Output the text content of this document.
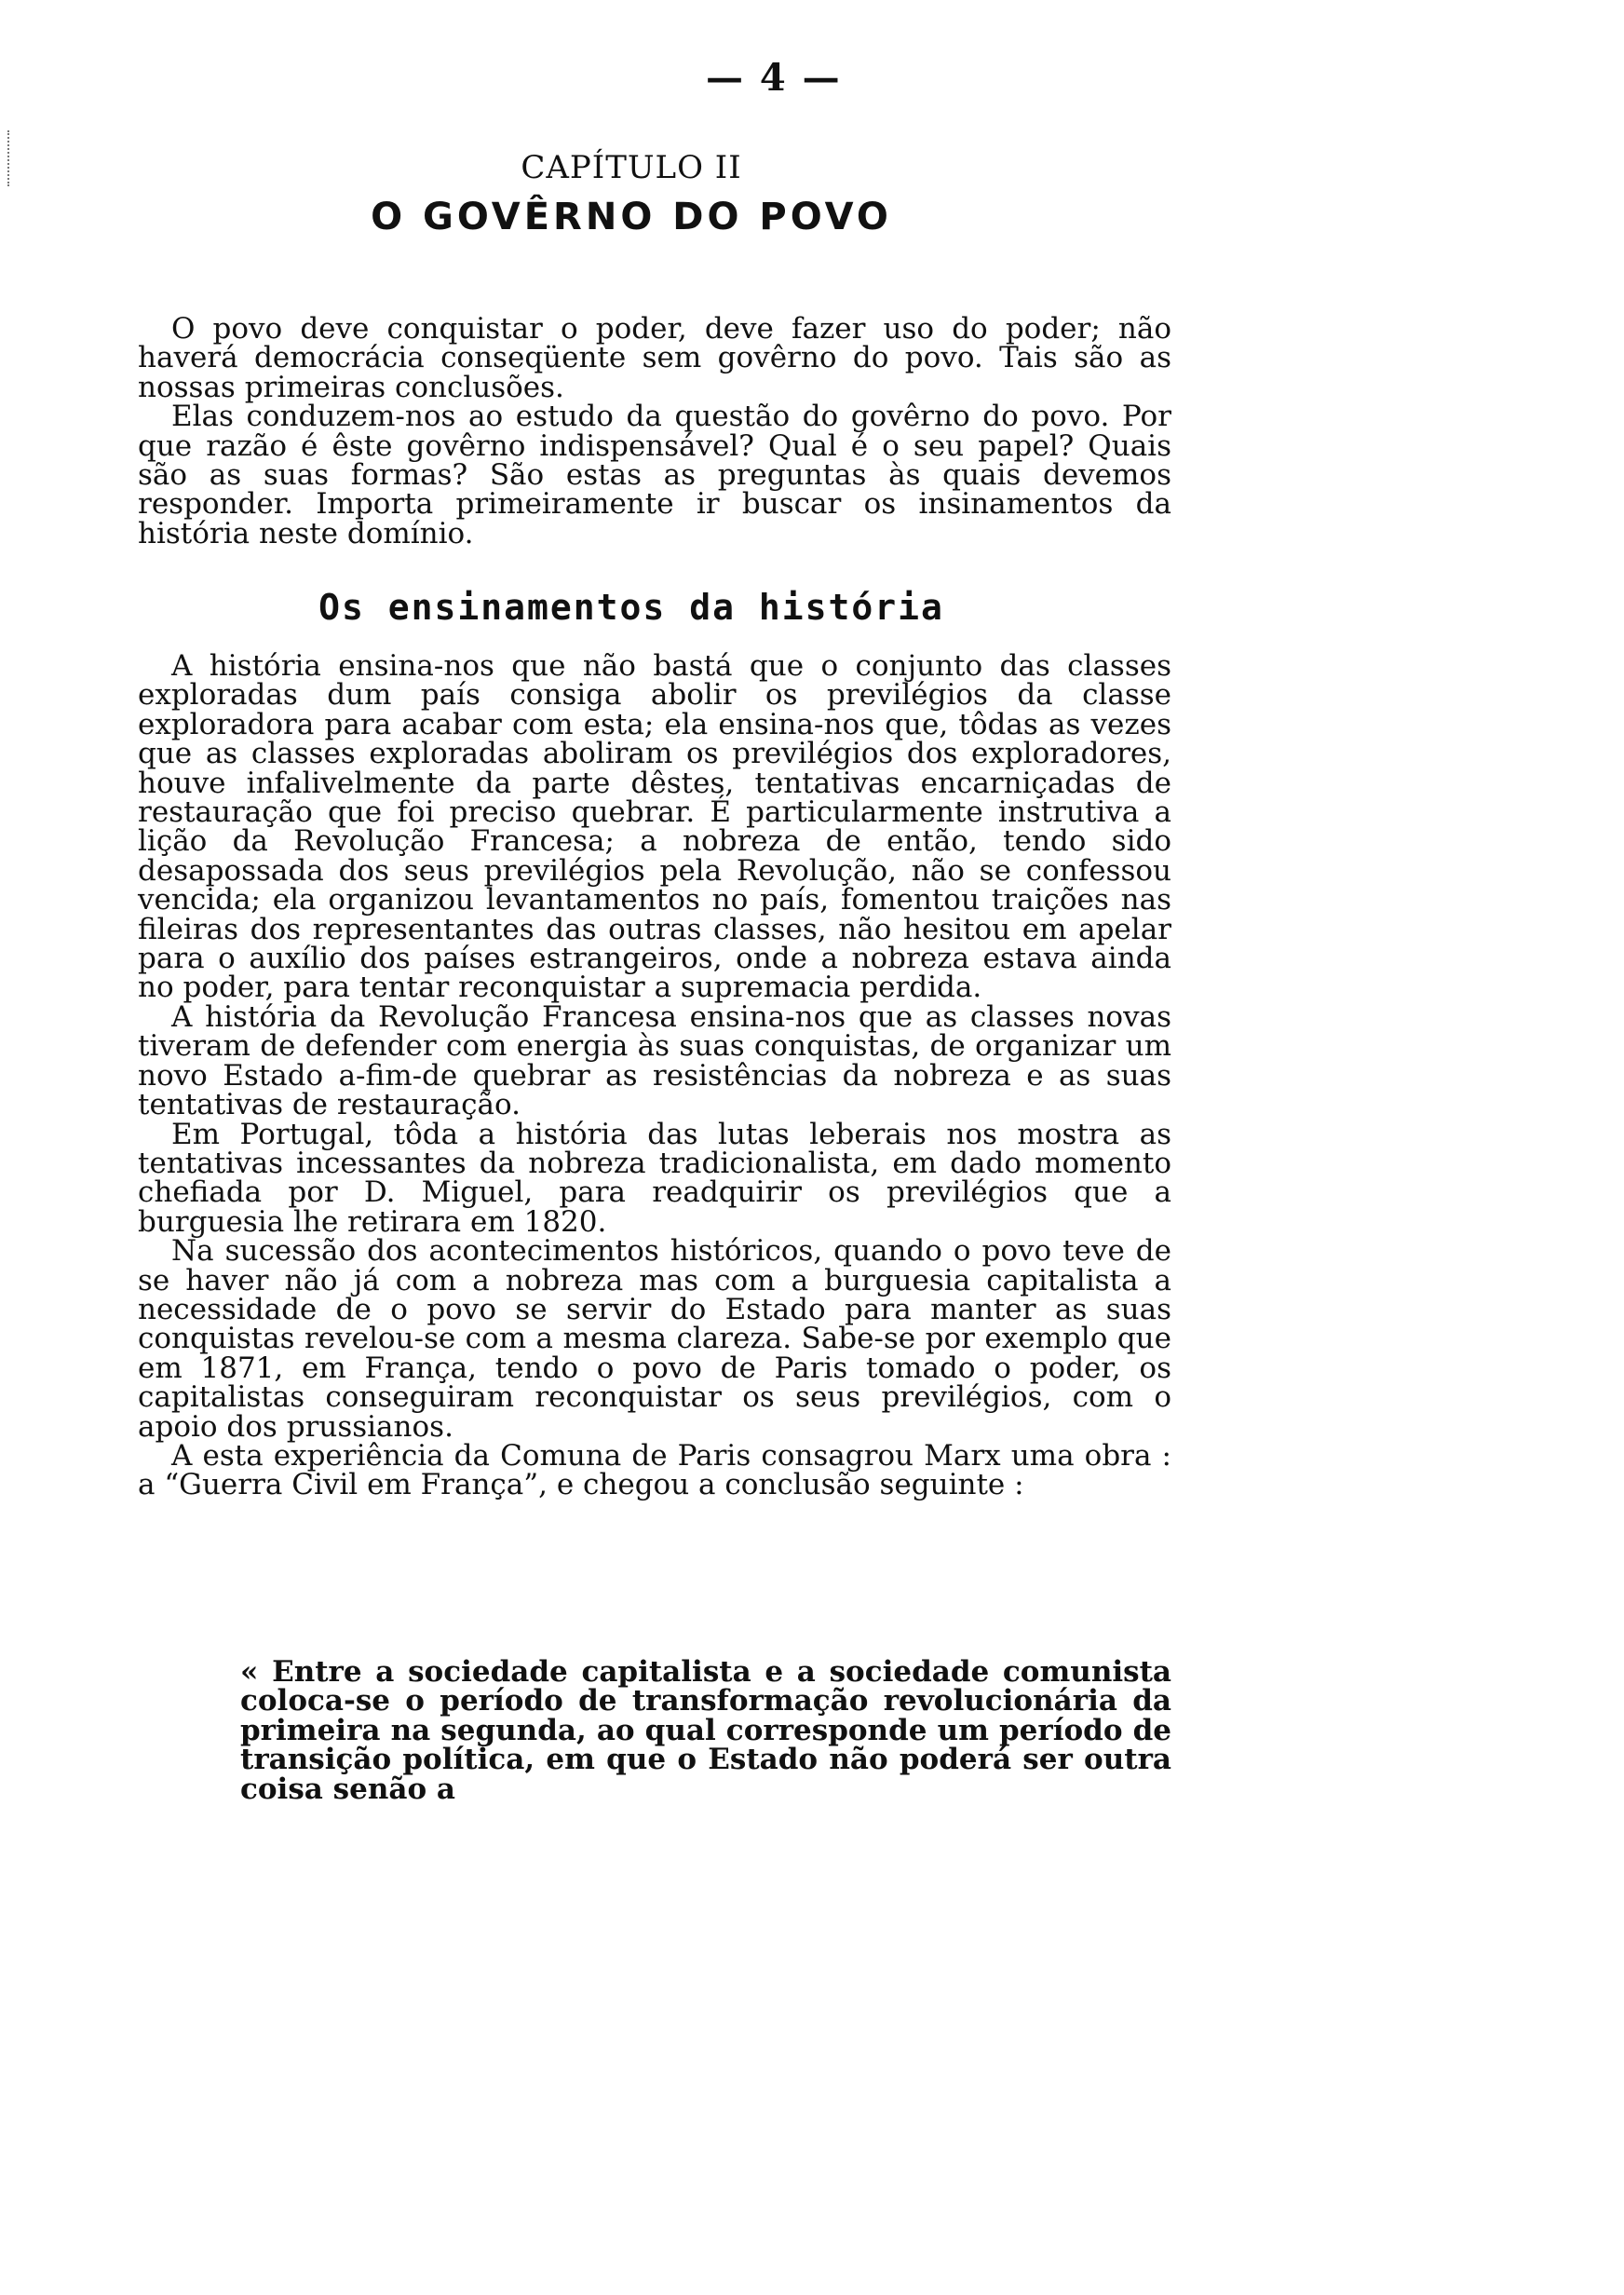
— 4 —
CAPÍTULO II
O GOVÊRNO DO POVO

O povo deve conquistar o poder, deve fazer uso do poder; não haverá democrácia conseqüente sem govêrno do povo. Tais são as nossas primeiras conclusões.

Elas conduzem-nos ao estudo da questão do govêrno do povo. Por que razão é êste govêrno indispensável? Qual é o seu papel? Quais são as suas formas? São estas as preguntas às quais devemos responder. Importa primeiramente ir buscar os insinamentos da história neste domínio.

Os ensinamentos da história

A história ensina-nos que não bastá que o conjunto das classes exploradas dum país consiga abolir os previlégios da classe exploradora para acabar com esta; ela ensina-nos que, tôdas as vezes que as classes exploradas aboliram os previlégios dos exploradores, houve infalivelmente da parte dêstes, tentativas encarniçadas de restauração que foi preciso quebrar. É particularmente instrutiva a lição da Revolução Francesa; a nobreza de então, tendo sido desapossada dos seus previlégios pela Revolução, não se confessou vencida; ela organizou levantamentos no país, fomentou traições nas fileiras dos representantes das outras classes, não hesitou em apelar para o auxílio dos países estrangeiros, onde a nobreza estava ainda no poder, para tentar reconquistar a supremacia perdida.

A história da Revolução Francesa ensina-nos que as classes novas tiveram de defender com energia às suas conquistas, de organizar um novo Estado a-fim-de quebrar as resistências da nobreza e as suas tentativas de restauração.

Em Portugal, tôda a história das lutas leberais nos mostra as tentativas incessantes da nobreza tradicionalista, em dado momento chefiada por D. Miguel, para readquirir os previlégios que a burguesia lhe retirara em 1820.

Na sucessão dos acontecimentos históricos, quando o povo teve de se haver não já com a nobreza mas com a burguesia capitalista a necessidade de o povo se servir do Estado para manter as suas conquistas revelou-se com a mesma clareza. Sabe-se por exemplo que em 1871, em França, tendo o povo de Paris tomado o poder, os capitalistas conseguiram reconquistar os seus previlégios, com o apoio dos prussianos.

A esta experiência da Comuna de Paris consagrou Marx uma obra : a “Guerra Civil em França”, e chegou a conclusão seguinte :

« Entre a sociedade capitalista e a sociedade comunista coloca-se o período de transformação revolucionária da primeira na segunda, ao qual corresponde um período de transição política, em que o Estado não poderá ser outra coisa senão a
